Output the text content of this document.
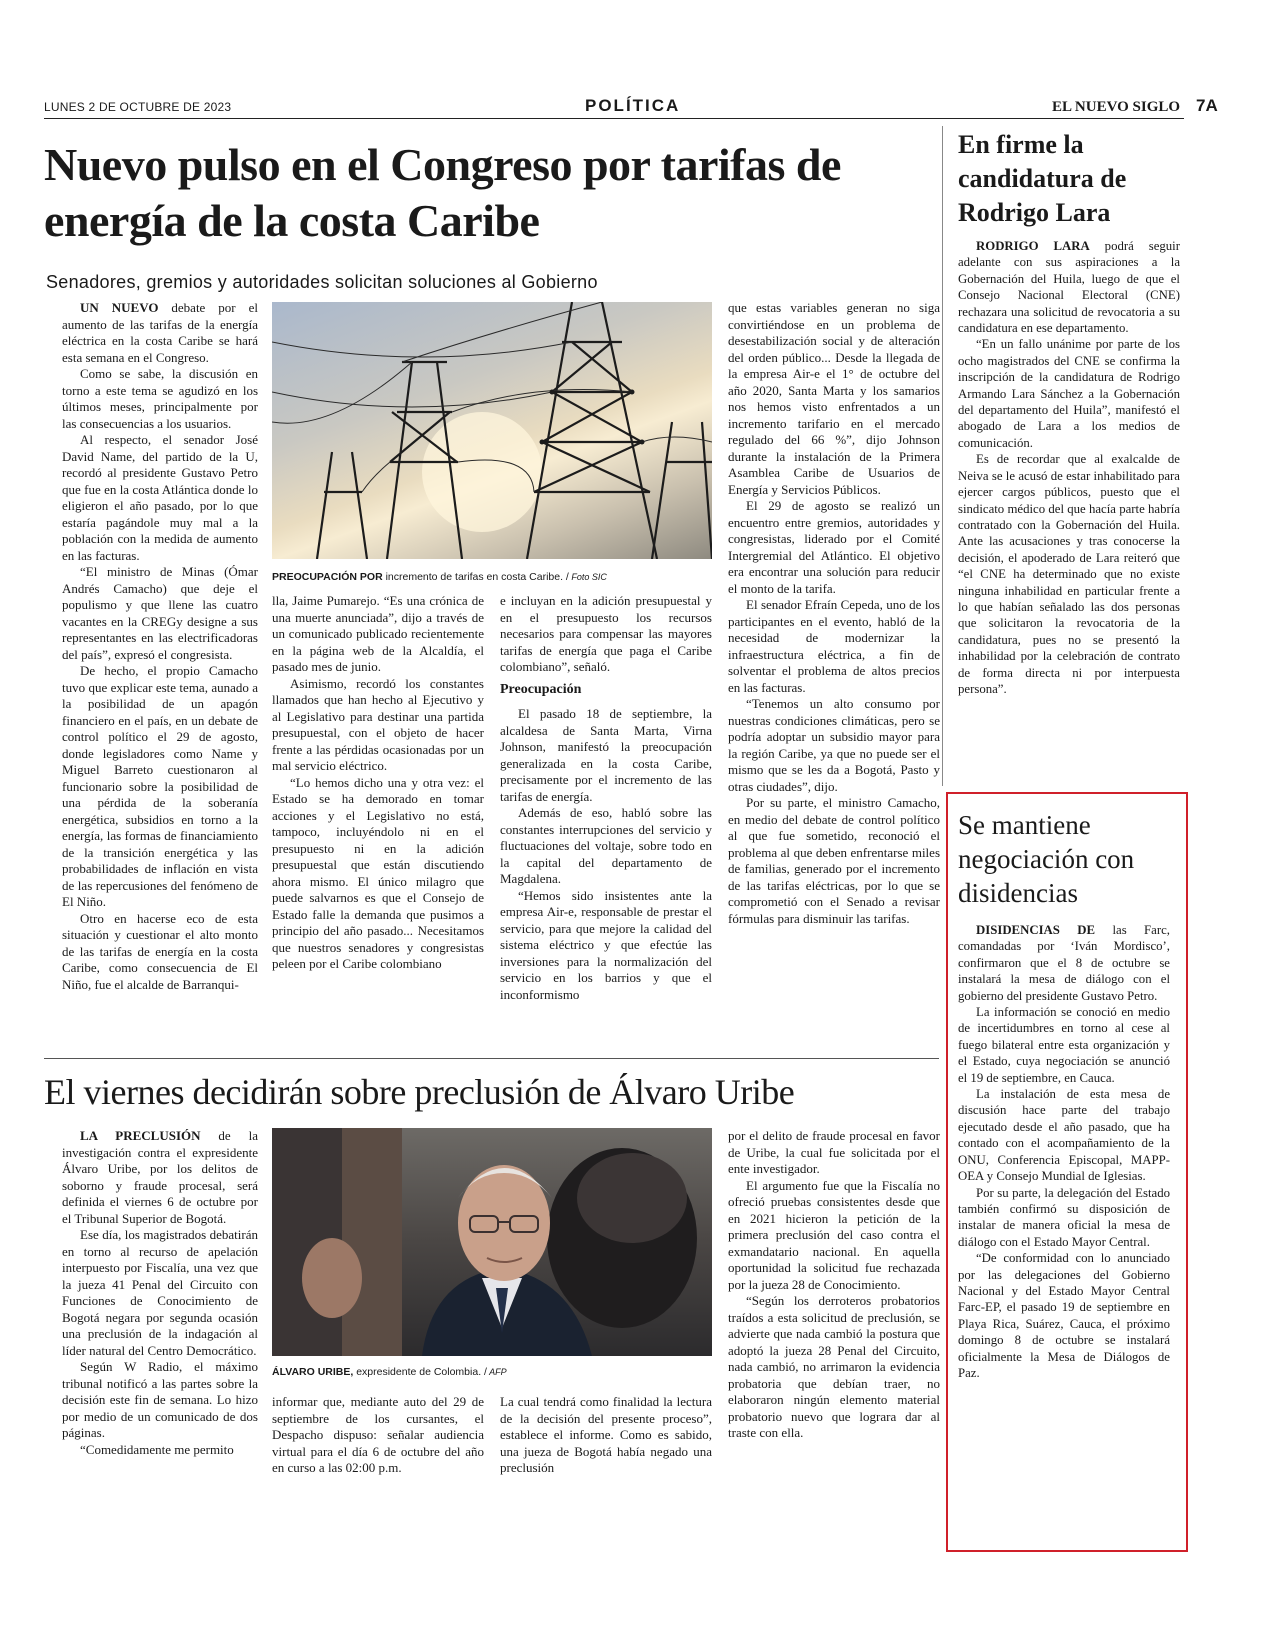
LUNES 2 DE OCTUBRE DE 2023	POLÍTICA	EL NUEVO SIGLO 7A
Nuevo pulso en el Congreso por tarifas de energía de la costa Caribe
Senadores, gremios y autoridades solicitan soluciones al Gobierno

UN NUEVO debate por el aumento de las tarifas de la energía eléctrica en la costa Caribe se hará esta semana en el Congreso.

Como se sabe, la discusión en torno a este tema se agudizó en los últimos meses, principalmente por las consecuencias a los usuarios.

Al respecto, el senador José David Name, del partido de la U, recordó al presidente Gustavo Petro que fue en la costa Atlántica donde lo eligieron el año pasado, por lo que estaría pagándole muy mal a la población con la medida de aumento en las facturas.

“El ministro de Minas (Ómar Andrés Camacho) que deje el populismo y que llene las cuatro vacantes en la CREGy designe a sus representantes en las electrificadoras del país”, expresó el congresista.

De hecho, el propio Camacho tuvo que explicar este tema, aunado a la posibilidad de un apagón financiero en el país, en un debate de control político el 29 de agosto, donde legisladores como Name y Miguel Barreto cuestionaron al funcionario sobre la posibilidad de una pérdida de la soberanía energética, subsidios en torno a la energía, las formas de financiamiento de la transición energética y las probabilidades de inflación en vista de las repercusiones del fenómeno de El Niño.

Otro en hacerse eco de esta situación y cuestionar el alto monto de las tarifas de energía en la costa Caribe, como consecuencia de El Niño, fue el alcalde de Barranqui-

PREOCUPACIÓN POR incremento de tarifas en costa Caribe. / Foto SIC

lla, Jaime Pumarejo. “Es una crónica de una muerte anunciada”, dijo a través de un comunicado publicado recientemente en la página web de la Alcaldía, el pasado mes de junio.

Asimismo, recordó los constantes llamados que han hecho al Ejecutivo y al Legislativo para destinar una partida presupuestal, con el objeto de hacer frente a las pérdidas ocasionadas por un mal servicio eléctrico.

“Lo hemos dicho una y otra vez: el Estado se ha demorado en tomar acciones y el Legislativo no está, tampoco, incluyéndolo ni en el presupuesto ni en la adición presupuestal que están discutiendo ahora mismo. El único milagro que puede salvarnos es que el Consejo de Estado falle la demanda que pusimos a principio del año pasado... Necesitamos que nuestros senadores y congresistas peleen por el Caribe colombiano

e incluyan en la adición presupuestal y en el presupuesto los recursos necesarios para compensar las mayores tarifas de energía que paga el Caribe colombiano”, señaló.

Preocupación

El pasado 18 de septiembre, la alcaldesa de Santa Marta, Virna Johnson, manifestó la preocupación generalizada en la costa Caribe, precisamente por el incremento de las tarifas de energía.

Además de eso, habló sobre las constantes interrupciones del servicio y fluctuaciones del voltaje, sobre todo en la capital del departamento de Magdalena.

“Hemos sido insistentes ante la empresa Air-e, responsable de prestar el servicio, para que mejore la calidad del sistema eléctrico y que efectúe las inversiones para la normalización del servicio en los barrios y que el inconformismo

que estas variables generan no siga convirtiéndose en un problema de desestabilización social y de alteración del orden público... Desde la llegada de la empresa Air-e el 1° de octubre del año 2020, Santa Marta y los samarios nos hemos visto enfrentados a un incremento tarifario en el mercado regulado del 66 %”, dijo Johnson durante la instalación de la Primera Asamblea Caribe de Usuarios de Energía y Servicios Públicos.

El 29 de agosto se realizó un encuentro entre gremios, autoridades y congresistas, liderado por el Comité Intergremial del Atlántico. El objetivo era encontrar una solución para reducir el monto de la tarifa.

El senador Efraín Cepeda, uno de los participantes en el evento, habló de la necesidad de modernizar la infraestructura eléctrica, a fin de solventar el problema de altos precios en las facturas.

“Tenemos un alto consumo por nuestras condiciones climáticas, pero se podría adoptar un subsidio mayor para la región Caribe, ya que no puede ser el mismo que se les da a Bogotá, Pasto y otras ciudades”, dijo.

Por su parte, el ministro Camacho, en medio del debate de control político al que fue sometido, reconoció el problema al que deben enfrentarse miles de familias, generado por el incremento de las tarifas eléctricas, por lo que se comprometió con el Senado a revisar fórmulas para disminuir las tarifas.

El viernes decidirán sobre preclusión de Álvaro Uribe

LA PRECLUSIÓN de la investigación contra el expresidente Álvaro Uribe, por los delitos de soborno y fraude procesal, será definida el viernes 6 de octubre por el Tribunal Superior de Bogotá.

Ese día, los magistrados debatirán en torno al recurso de apelación interpuesto por Fiscalía, una vez que la jueza 41 Penal del Circuito con Funciones de Conocimiento de Bogotá negara por segunda ocasión una preclusión de la indagación al líder natural del Centro Democrático.

Según W Radio, el máximo tribunal notificó a las partes sobre la decisión este fin de semana. Lo hizo por medio de un comunicado de dos páginas.

“Comedidamente me permito

ÁLVARO URIBE, expresidente de Colombia. / AFP

informar que, mediante auto del 29 de septiembre de los cursantes, el Despacho dispuso: señalar audiencia virtual para el día 6 de octubre del año en curso a las 02:00 p.m.

La cual tendrá como finalidad la lectura de la decisión del presente proceso”, establece el informe. Como es sabido, una jueza de Bogotá había negado una preclusión

por el delito de fraude procesal en favor de Uribe, la cual fue solicitada por el ente investigador.

El argumento fue que la Fiscalía no ofreció pruebas consistentes desde que en 2021 hicieron la petición de la primera preclusión del caso contra el exmandatario nacional. En aquella oportunidad la solicitud fue rechazada por la jueza 28 de Conocimiento.

“Según los derroteros probatorios traídos a esta solicitud de preclusión, se advierte que nada cambió la postura que adoptó la jueza 28 Penal del Circuito, nada cambió, no arrimaron la evidencia probatoria que debían traer, no elaboraron ningún elemento material probatorio nuevo que lograra dar al traste con ella.

En firme la candidatura de Rodrigo Lara

RODRIGO LARA podrá seguir adelante con sus aspiraciones a la Gobernación del Huila, luego de que el Consejo Nacional Electoral (CNE) rechazara una solicitud de revocatoria a su candidatura en ese departamento.

“En un fallo unánime por parte de los ocho magistrados del CNE se confirma la inscripción de la candidatura de Rodrigo Armando Lara Sánchez a la Gobernación del departamento del Huila”, manifestó el abogado de Lara a los medios de comunicación.

Es de recordar que al exalcalde de Neiva se le acusó de estar inhabilitado para ejercer cargos públicos, puesto que el sindicato médico del que hacía parte habría contratado con la Gobernación del Huila. Ante las acusaciones y tras conocerse la decisión, el apoderado de Lara reiteró que “el CNE ha determinado que no existe ninguna inhabilidad en particular frente a lo que habían señalado las dos personas que solicitaron la revocatoria de la candidatura, pues no se presentó la inhabilidad por la celebración de contrato de forma directa ni por interpuesta persona”.

Se mantiene negociación con disidencias

DISIDENCIAS DE las Farc, comandadas por ‘Iván Mordisco’, confirmaron que el 8 de octubre se instalará la mesa de diálogo con el gobierno del presidente Gustavo Petro.

La información se conoció en medio de incertidumbres en torno al cese al fuego bilateral entre esta organización y el Estado, cuya negociación se anunció el 19 de septiembre, en Cauca.

La instalación de esta mesa de discusión hace parte del trabajo ejecutado desde el año pasado, que ha contado con el acompañamiento de la ONU, Conferencia Episcopal, MAPP-OEA y Consejo Mundial de Iglesias.

Por su parte, la delegación del Estado también confirmó su disposición de instalar de manera oficial la mesa de diálogo con el Estado Mayor Central.

“De conformidad con lo anunciado por las delegaciones del Gobierno Nacional y del Estado Mayor Central Farc-EP, el pasado 19 de septiembre en Playa Rica, Suárez, Cauca, el próximo domingo 8 de octubre se instalará oficialmente la Mesa de Diálogos de Paz.
